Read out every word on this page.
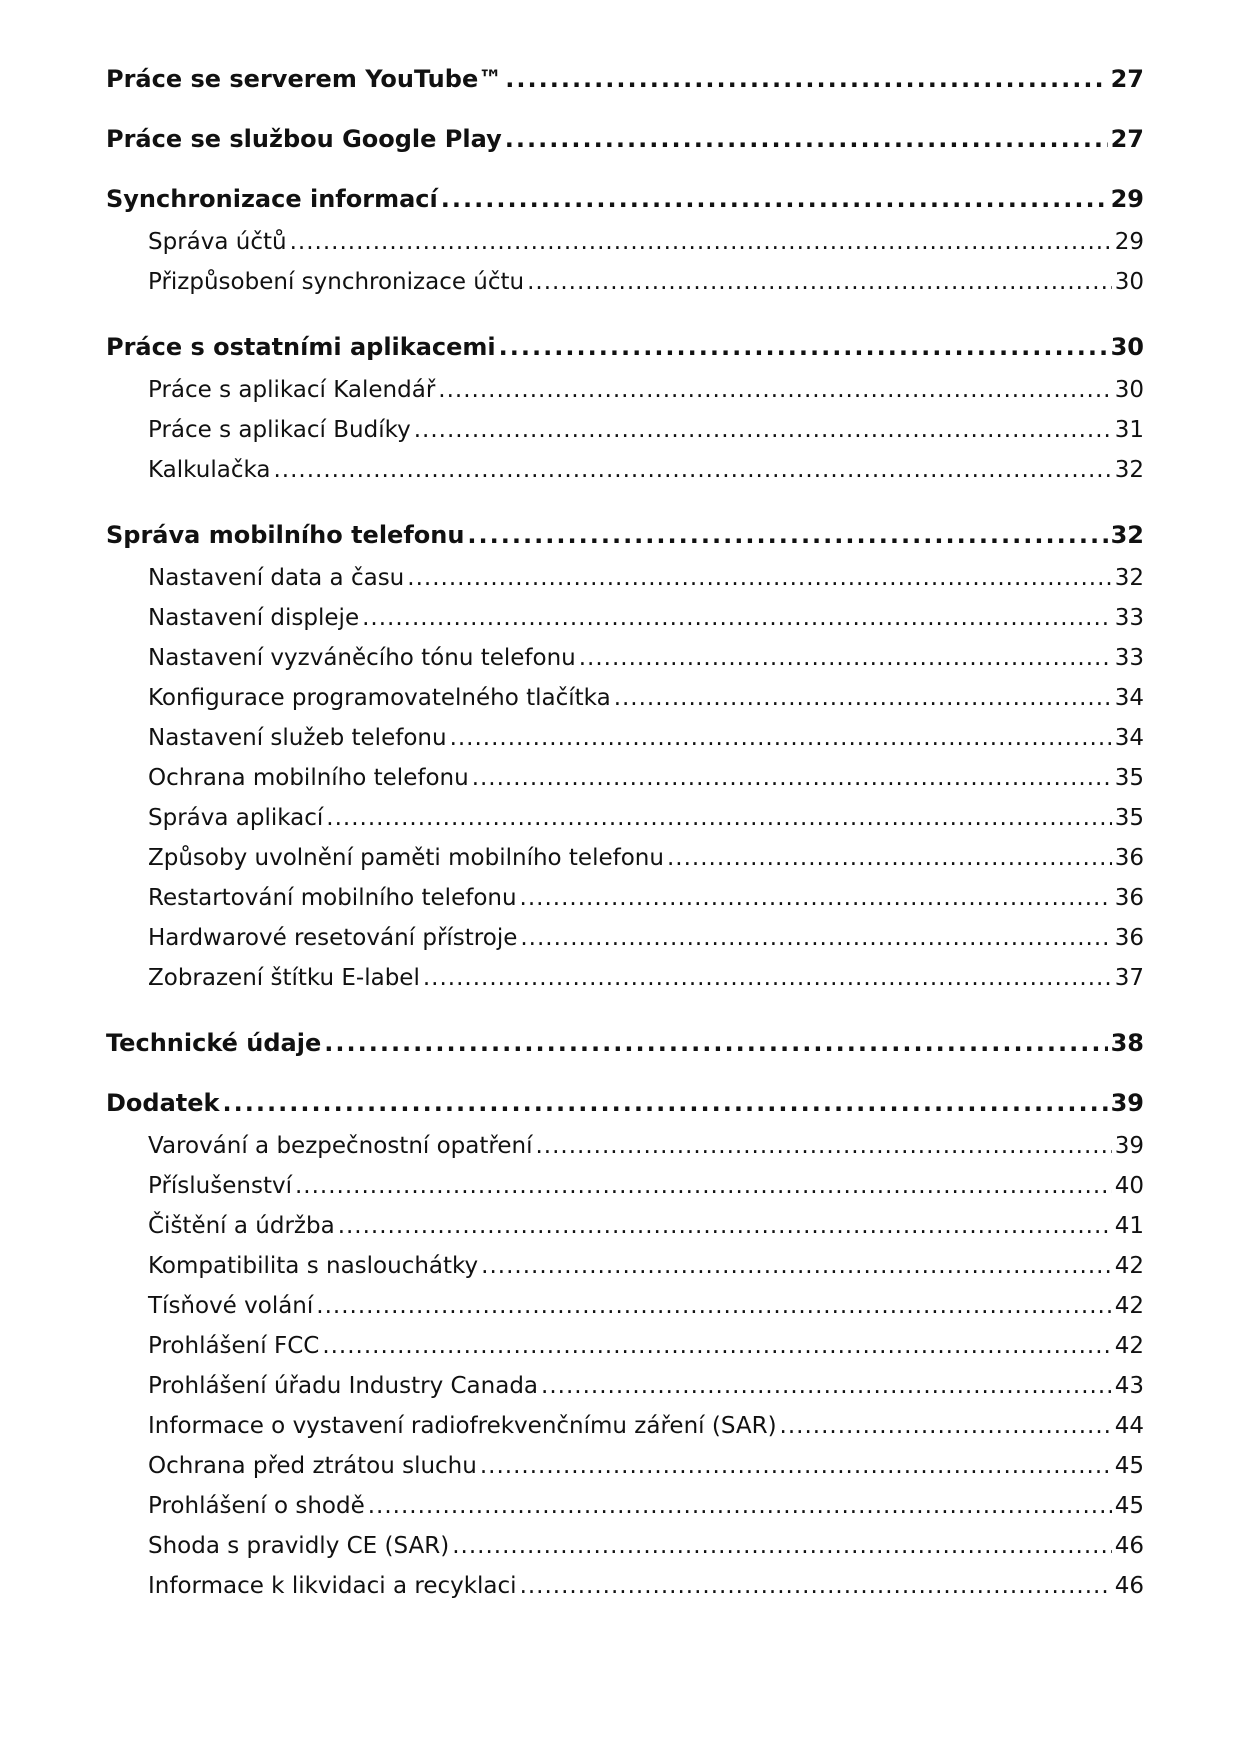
Práce se serverem YouTube™ .....	27
Práce se službou Google Play .....	27
Synchronizace informací .....	29
Správa účtů .....	29
Přizpůsobení synchronizace účtu .....	30
Práce s ostatními aplikacemi .....	30
Práce s aplikací Kalendář .....	30
Práce s aplikací Budíky .....	31
Kalkulačka .....	32
Správa mobilního telefonu .....	32
Nastavení data a času .....	32
Nastavení displeje .....	33
Nastavení vyzváněcího tónu telefonu .....	33
Konfigurace programovatelného tlačítka .....	34
Nastavení služeb telefonu .....	34
Ochrana mobilního telefonu .....	35
Správa aplikací .....	35
Způsoby uvolnění paměti mobilního telefonu .....	36
Restartování mobilního telefonu .....	36
Hardwarové resetování přístroje .....	36
Zobrazení štítku E-label .....	37
Technické údaje .....	38
Dodatek .....	39
Varování a bezpečnostní opatření .....	39
Příslušenství .....	40
Čištění a údržba .....	41
Kompatibilita s naslouchátky .....	42
Tísňové volání .....	42
Prohlášení FCC .....	42
Prohlášení úřadu Industry Canada .....	43
Informace o vystavení radiofrekvenčnímu záření (SAR) .....	44
Ochrana před ztrátou sluchu .....	45
Prohlášení o shodě .....	45
Shoda s pravidly CE (SAR) .....	46
Informace k likvidaci a recyklaci .....	46
